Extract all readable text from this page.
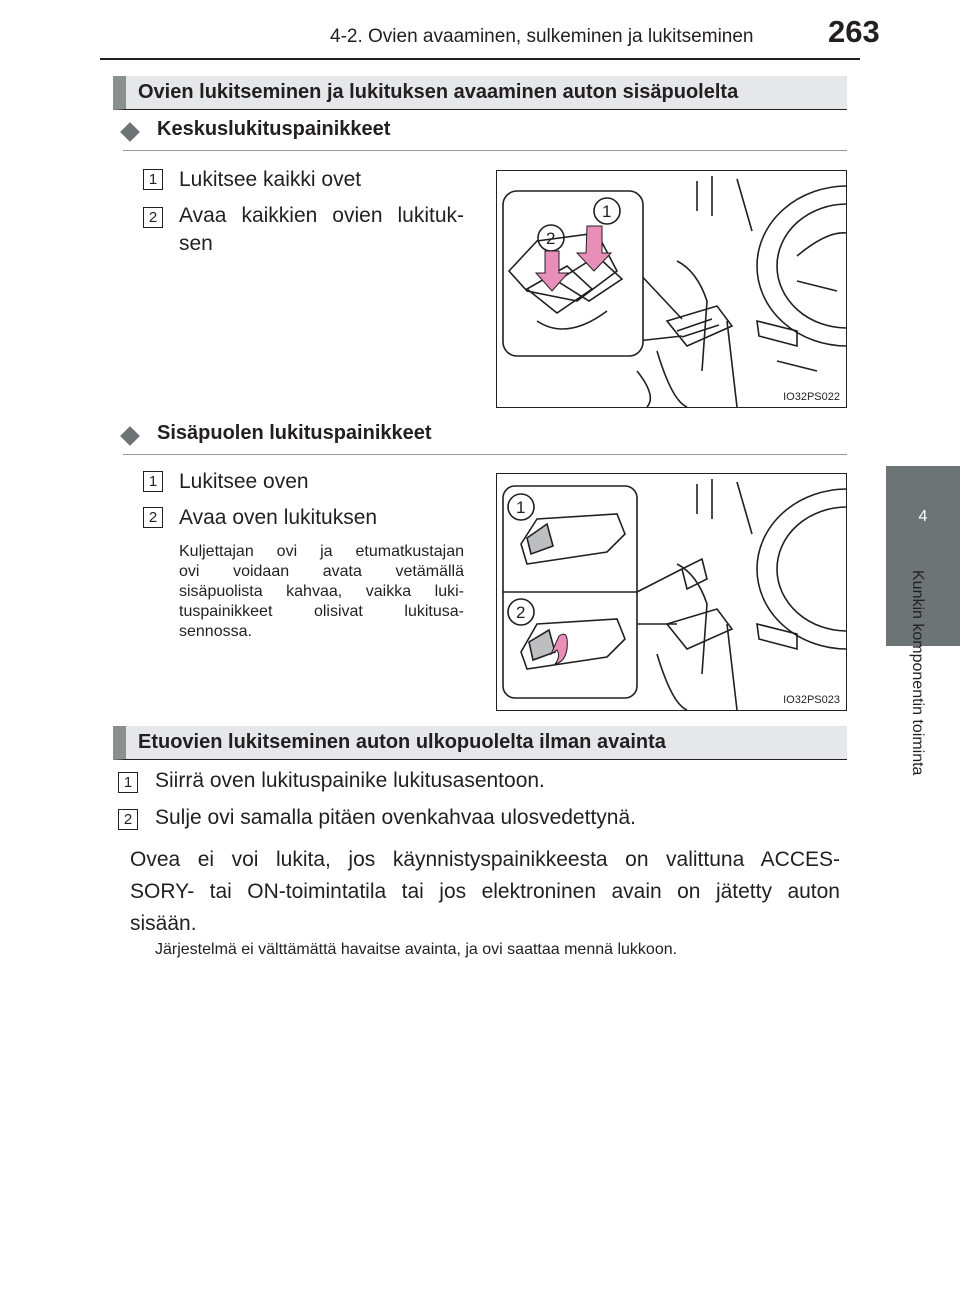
4-2. Ovien avaaminen, sulkeminen ja lukitseminen 263
4
Kunkin komponentin toiminta
Ovien lukitseminen ja lukituksen avaaminen auton sisäpuolelta
Keskuslukituspainikkeet
1 Lukitsee kaikki ovet
2 Avaa kaikkien ovien lukituk-
sen
1
2
IO32PS022
Sisäpuolen lukituspainikkeet
1 Lukitsee oven
2 Avaa oven lukituksen
Kuljettajan ovi ja etumatkustajan
ovi voidaan avata vetämällä
sisäpuolista kahvaa, vaikka luki-
tuspainikkeet olisivat lukitusa-
sennossa.
1
2
IO32PS023
Etuovien lukitseminen auton ulkopuolelta ilman avainta
1 Siirrä oven lukituspainike lukitusasentoon.
2 Sulje ovi samalla pitäen ovenkahvaa ulosvedettynä.
Ovea ei voi lukita, jos käynnistyspainikkeesta on valittuna ACCES-
SORY- tai ON-toimintatila tai jos elektroninen avain on jätetty auton
sisään.
Järjestelmä ei välttämättä havaitse avainta, ja ovi saattaa mennä lukkoon.
